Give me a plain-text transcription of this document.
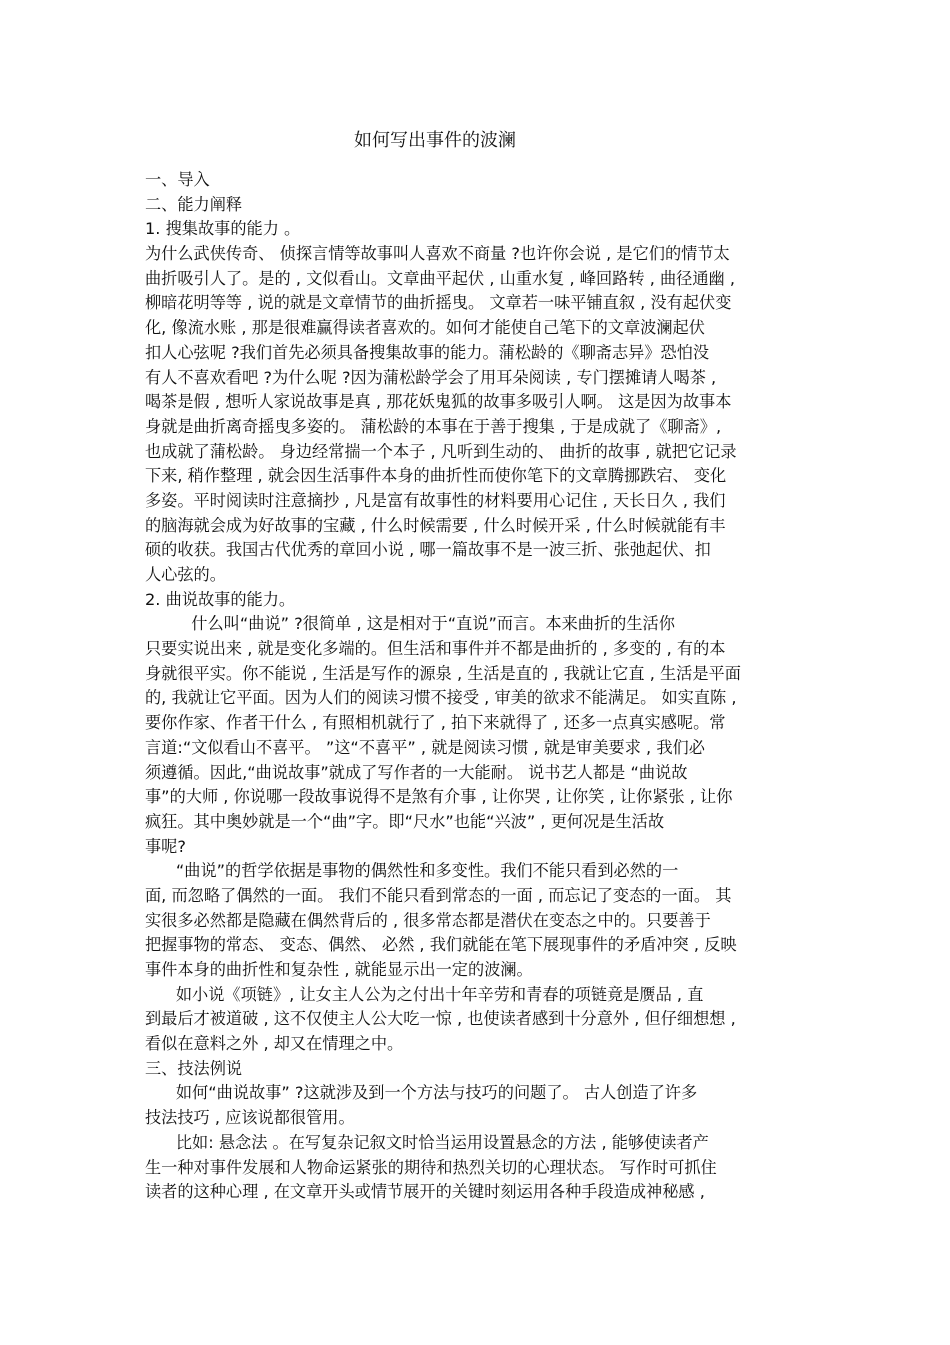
如何写出事件的波澜
一、导入
二、能力阐释
1. 搜集故事的能力 。
为什么武侠传奇、 侦探言情等故事叫人喜欢不商量 ?也许你会说 , 是它们的情节太
曲折吸引人了。是的 , 文似看山。文章曲平起伏 , 山重水复 , 峰回路转 , 曲径通幽 ,
柳暗花明等等 , 说的就是文章情节的曲折摇曳。 文章若一味平铺直叙 , 没有起伏变
化, 像流水账 , 那是很难赢得读者喜欢的。如何才能使自己笔下的文章波澜起伏
扣人心弦呢 ?我们首先必须具备搜集故事的能力。蒲松龄的《聊斋志异》恐怕没
有人不喜欢看吧 ?为什么呢 ?因为蒲松龄学会了用耳朵阅读 , 专门摆摊请人喝茶 ,
喝茶是假 , 想听人家说故事是真 , 那花妖鬼狐的故事多吸引人啊。 这是因为故事本
身就是曲折离奇摇曳多姿的。 蒲松龄的本事在于善于搜集 , 于是成就了《聊斋》,
也成就了蒲松龄。 身边经常揣一个本子 , 凡听到生动的、 曲折的故事 , 就把它记录
下来, 稍作整理 , 就会因生活事件本身的曲折性而使你笔下的文章腾挪跌宕、 变化
多姿。平时阅读时注意摘抄 , 凡是富有故事性的材料要用心记住 , 天长日久 , 我们
的脑海就会成为好故事的宝藏 , 什么时候需要 , 什么时候开采 , 什么时候就能有丰
硕的收获。我国古代优秀的章回小说 , 哪一篇故事不是一波三折、张弛起伏、扣
人心弦的。
2. 曲说故事的能力。
什么叫“曲说” ?很简单 , 这是相对于“直说”而言。本来曲折的生活你
只要实说出来 , 就是变化多端的。但生活和事件并不都是曲折的 , 多变的 , 有的本
身就很平实。你不能说 , 生活是写作的源泉 , 生活是直的 , 我就让它直 , 生活是平面
的, 我就让它平面。因为人们的阅读习惯不接受 , 审美的欲求不能满足。 如实直陈 ,
要你作家、作者干什么 , 有照相机就行了 , 拍下来就得了 , 还多一点真实感呢。常
言道:“文似看山不喜平。 ”这“不喜平” , 就是阅读习惯 , 就是审美要求 , 我们必
须遵循。因此,“曲说故事”就成了写作者的一大能耐。 说书艺人都是 “曲说故
事”的大师 , 你说哪一段故事说得不是煞有介事 , 让你哭 , 让你笑 , 让你紧张 , 让你
疯狂。其中奥妙就是一个“曲”字。即“尺水”也能“兴波” , 更何况是生活故
事呢?
“曲说”的哲学依据是事物的偶然性和多变性。我们不能只看到必然的一
面, 而忽略了偶然的一面。 我们不能只看到常态的一面 , 而忘记了变态的一面。 其
实很多必然都是隐藏在偶然背后的 , 很多常态都是潜伏在变态之中的。只要善于
把握事物的常态、 变态、偶然、 必然 , 我们就能在笔下展现事件的矛盾冲突 , 反映
事件本身的曲折性和复杂性 , 就能显示出一定的波澜。
如小说《项链》, 让女主人公为之付出十年辛劳和青春的项链竟是赝品 , 直
到最后才被道破 , 这不仅使主人公大吃一惊 , 也使读者感到十分意外 , 但仔细想想 ,
看似在意料之外 , 却又在情理之中。
三、技法例说
如何“曲说故事” ?这就涉及到一个方法与技巧的问题了。 古人创造了许多
技法技巧 , 应该说都很管用。
比如: 悬念法 。在写复杂记叙文时恰当运用设置悬念的方法 , 能够使读者产
生一种对事件发展和人物命运紧张的期待和热烈关切的心理状态。 写作时可抓住
读者的这种心理 , 在文章开头或情节展开的关键时刻运用各种手段造成神秘感 ,
